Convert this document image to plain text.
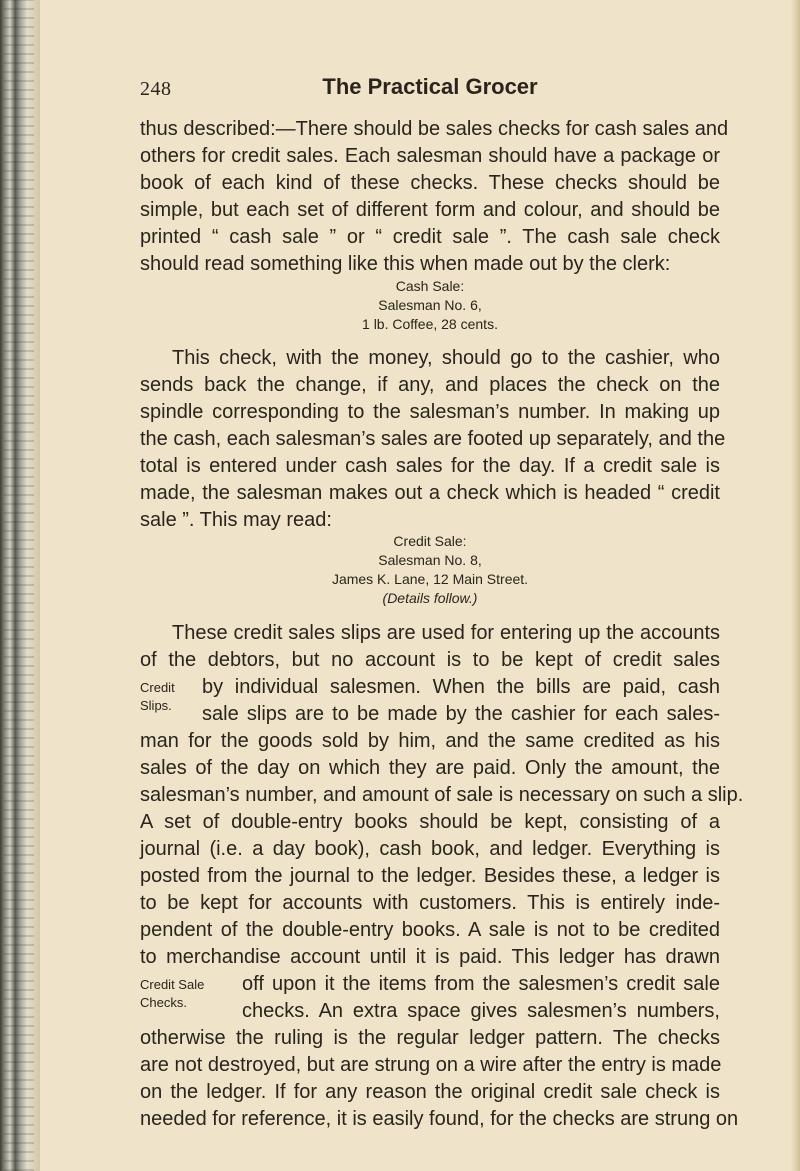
248	The Practical Grocer
thus described:—There should be sales checks for cash sales and
others for credit sales. Each salesman should have a package or
book of each kind of these checks. These checks should be
simple, but each set of different form and colour, and should be
printed “ cash sale ” or “ credit sale ”. The cash sale check
should read something like this when made out by the clerk:
Cash Sale:
Salesman No. 6,
1 lb. Coffee, 28 cents.
This check, with the money, should go to the cashier, who
sends back the change, if any, and places the check on the
spindle corresponding to the salesman’s number. In making up
the cash, each salesman’s sales are footed up separately, and the
total is entered under cash sales for the day. If a credit sale is
made, the salesman makes out a check which is headed “ credit
sale ”. This may read:
Credit Sale:
Salesman No. 8,
James K. Lane, 12 Main Street.
(Details follow.)
These credit sales slips are used for entering up the accounts
of the debtors, but no account is to be kept of credit sales
by individual salesmen. When the bills are paid, cash
sale slips are to be made by the cashier for each sales-
man for the goods sold by him, and the same credited as his
sales of the day on which they are paid. Only the amount, the
salesman’s number, and amount of sale is necessary on such a slip.
A set of double-entry books should be kept, consisting of a
journal (i.e. a day book), cash book, and ledger. Everything is
posted from the journal to the ledger. Besides these, a ledger is
to be kept for accounts with customers. This is entirely inde-
pendent of the double-entry books. A sale is not to be credited
to merchandise account until it is paid. This ledger has drawn
off upon it the items from the salesmen’s credit sale
checks. An extra space gives salesmen’s numbers,
otherwise the ruling is the regular ledger pattern. The checks
are not destroyed, but are strung on a wire after the entry is made
on the ledger. If for any reason the original credit sale check is
needed for reference, it is easily found, for the checks are strung on
Credit
Slips.
Credit Sale
Checks.
